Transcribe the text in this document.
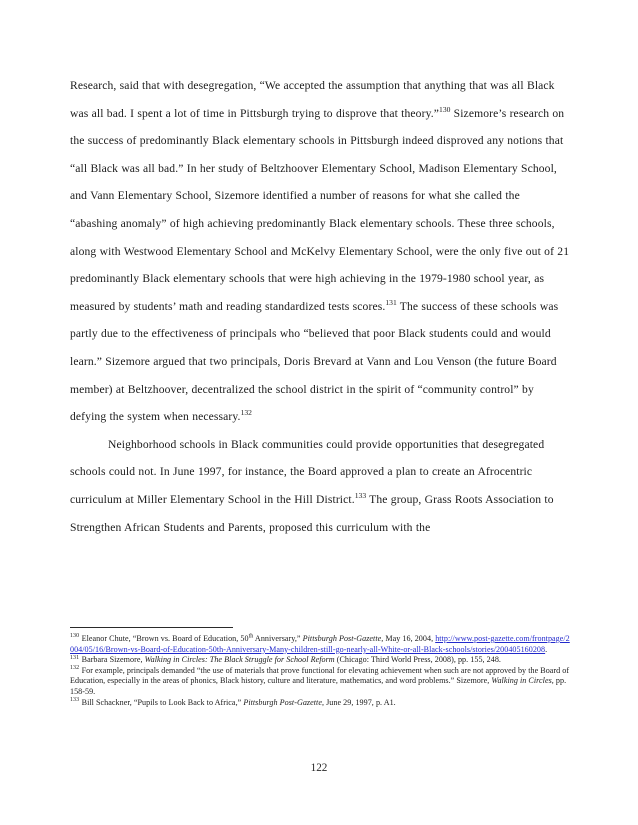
Research, said that with desegregation, “We accepted the assumption that anything that was all Black was all bad. I spent a lot of time in Pittsburgh trying to disprove that theory.”$^{130}$ Sizemore’s research on the success of predominantly Black elementary schools in Pittsburgh indeed disproved any notions that “all Black was all bad.” In her study of Beltzhoover Elementary School, Madison Elementary School, and Vann Elementary School, Sizemore identified a number of reasons for what she called the “abashing anomaly” of high achieving predominantly Black elementary schools. These three schools, along with Westwood Elementary School and McKelvy Elementary School, were the only five out of 21 predominantly Black elementary schools that were high achieving in the 1979-1980 school year, as measured by students’ math and reading standardized tests scores.$^{131}$ The success of these schools was partly due to the effectiveness of principals who “believed that poor Black students could and would learn.” Sizemore argued that two principals, Doris Brevard at Vann and Lou Venson (the future Board member) at Beltzhoover, decentralized the school district in the spirit of “community control” by defying the system when necessary.$^{132}$

Neighborhood schools in Black communities could provide opportunities that desegregated schools could not. In June 1997, for instance, the Board approved a plan to create an Afrocentric curriculum at Miller Elementary School in the Hill District.$^{133}$ The group, Grass Roots Association to Strengthen African Students and Parents, proposed this curriculum with the

$^{130}$ Eleanor Chute, “Brown vs. Board of Education, 50th Anniversary,” Pittsburgh Post-Gazette, May 16, 2004, http://www.post-gazette.com/frontpage/2004/05/16/Brown-vs-Board-of-Education-50th-Anniversary-Many-children-still-go-nearly-all-White-or-all-Black-schools/stories/200405160208.

$^{131}$ Barbara Sizemore, Walking in Circles: The Black Struggle for School Reform (Chicago: Third World Press, 2008), pp. 155, 248.

$^{132}$ For example, principals demanded “the use of materials that prove functional for elevating achievement when such are not approved by the Board of Education, especially in the areas of phonics, Black history, culture and literature, mathematics, and word problems.” Sizemore, Walking in Circles, pp. 158-59.

$^{133}$ Bill Schackner, “Pupils to Look Back to Africa,” Pittsburgh Post-Gazette, June 29, 1997, p. A1.

122
